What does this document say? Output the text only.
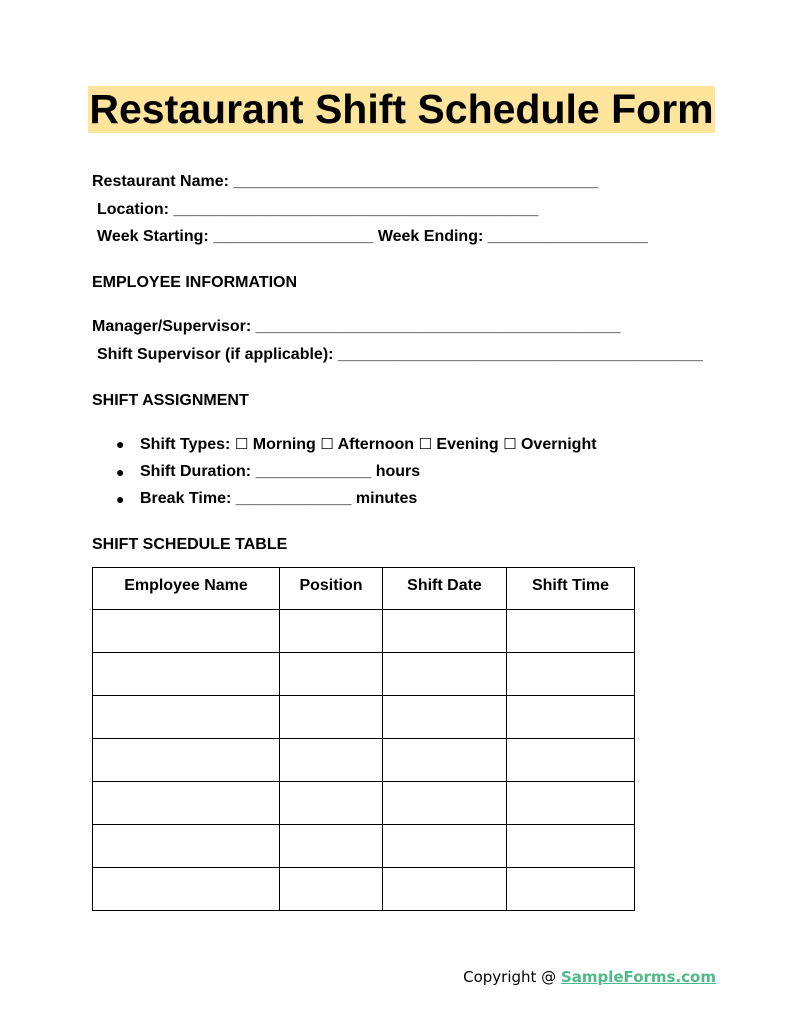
Restaurant Shift Schedule Form
Restaurant Name: _________________________________________
Location: _________________________________________
Week Starting: __________________ Week Ending: __________________
EMPLOYEE INFORMATION
Manager/Supervisor: _________________________________________
Shift Supervisor (if applicable): _________________________________________
SHIFT ASSIGNMENT
● Shift Types: ☐ Morning ☐ Afternoon ☐ Evening ☐ Overnight
● Shift Duration: _____________ hours
● Break Time: _____________ minutes
SHIFT SCHEDULE TABLE
Employee Name	Position	Shift Date	Shift Time

Copyright @ SampleForms.com
